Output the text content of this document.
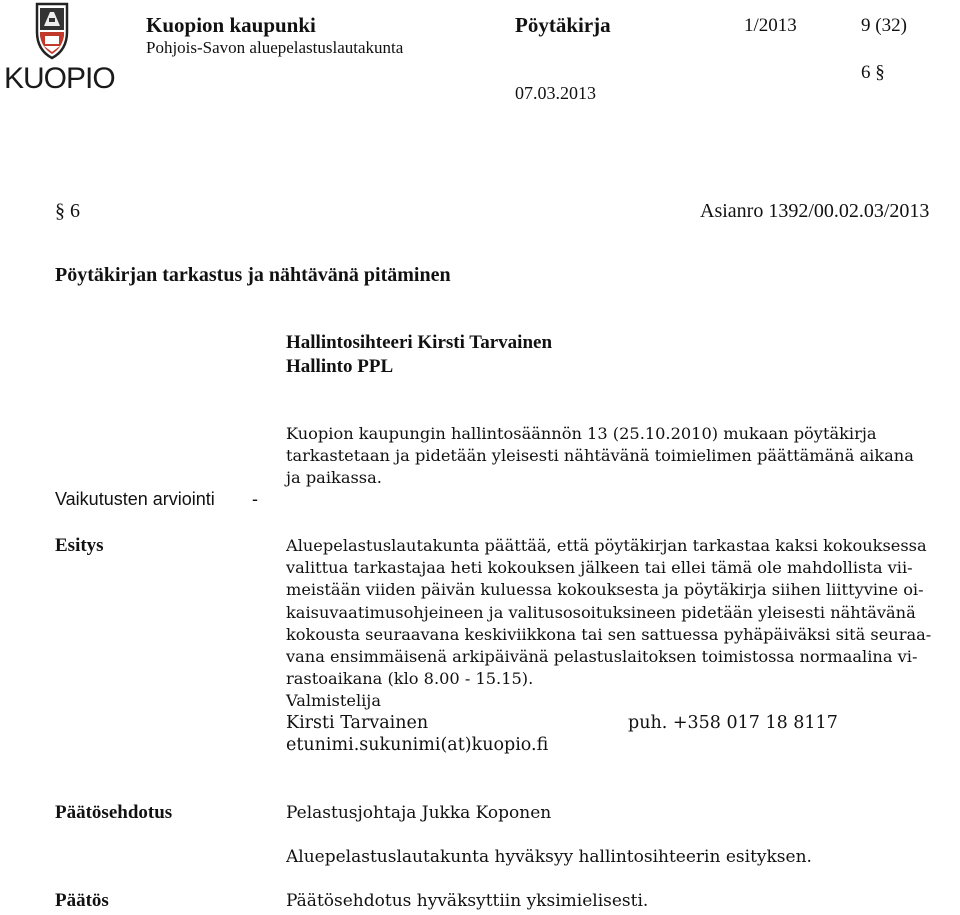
KUOPIO
Kuopion kaupunki
Pohjois-Savon aluepelastuslautakunta
Pöytäkirja	1/2013	9 (32)
6 §
07.03.2013
§ 6	Asianro 1392/00.02.03/2013
Pöytäkirjan tarkastus ja nähtävänä pitäminen
Hallintosihteeri Kirsti Tarvainen
Hallinto PPL
Kuopion kaupungin hallintosäännön 13 (25.10.2010) mukaan pöytäkirja
tarkastetaan ja pidetään yleisesti nähtävänä toimielimen päättämänä aikana
ja paikassa.
Vaikutusten arviointi -
Esitys	Aluepelastuslautakunta päättää, että pöytäkirjan tarkastaa kaksi kokouksessa
valittua tarkastajaa heti kokouksen jälkeen tai ellei tämä ole mahdollista vii-
meistään viiden päivän kuluessa kokouksesta ja pöytäkirja siihen liittyvine oi-
kaisuvaatimusohjeineen ja valitusosoituksineen pidetään yleisesti nähtävänä
kokousta seuraavana keskiviikkona tai sen sattuessa pyhäpäiväksi sitä seuraa-
vana ensimmäisenä arkipäivänä pelastuslaitoksen toimistossa normaalina vi-
rastoaikana (klo 8.00 - 15.15).
Valmistelija
Kirsti Tarvainen	puh. +358 017 18 8117
etunimi.sukunimi(at)kuopio.fi
Päätösehdotus	Pelastusjohtaja Jukka Koponen
Aluepelastuslautakunta hyväksyy hallintosihteerin esityksen.
Päätös	Päätösehdotus hyväksyttiin yksimielisesti.
